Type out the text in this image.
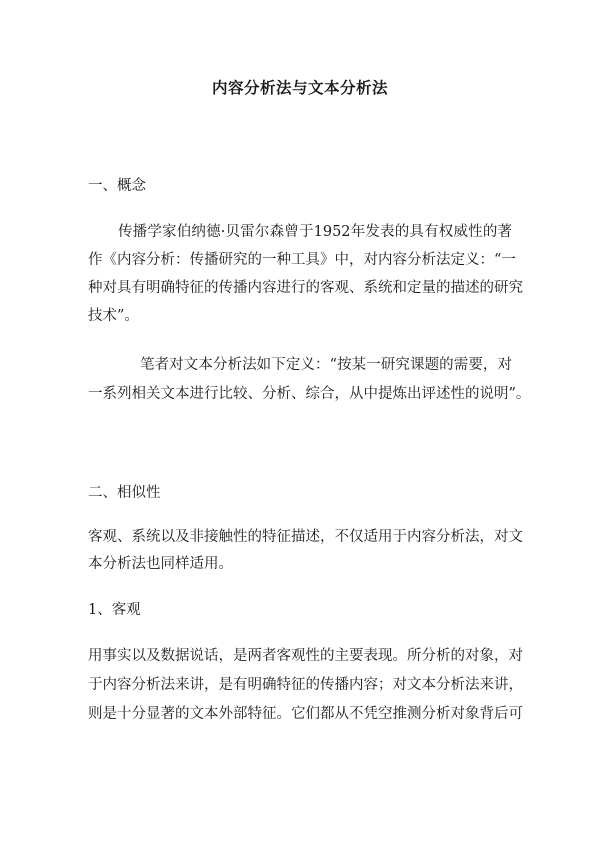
内容分析法与文本分析法
一、概念
传播学家伯纳德·贝雷尔森曾于1952年发表的具有权威性的著
作《内容分析：传播研究的一种工具》中，对内容分析法定义：“一
种对具有明确特征的传播内容进行的客观、系统和定量的描述的研究
技术”。
笔者对文本分析法如下定义：“按某一研究课题的需要，对
一系列相关文本进行比较、分析、综合，从中提炼出评述性的说明”。
二、相似性
客观、系统以及非接触性的特征描述，不仅适用于内容分析法，对文
本分析法也同样适用。
1、客观
用事实以及数据说话，是两者客观性的主要表现。所分析的对象，对
于内容分析法来讲，是有明确特征的传播内容；对文本分析法来讲，
则是十分显著的文本外部特征。它们都从不凭空推测分析对象背后可
